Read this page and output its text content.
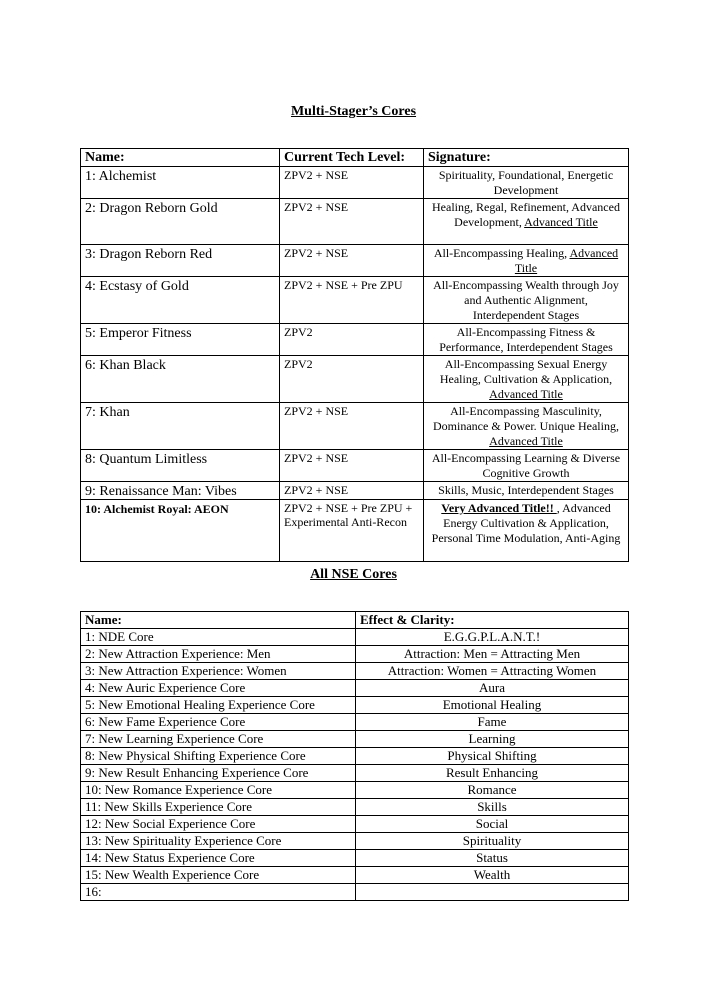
Multi-Stager’s Cores
Name:	Current Tech Level:	Signature:
1: Alchemist	ZPV2 + NSE	Spirituality, Foundational, Energetic Development
2: Dragon Reborn Gold	ZPV2 + NSE	Healing, Regal, Refinement, Advanced Development, Advanced Title
3: Dragon Reborn Red	ZPV2 + NSE	All-Encompassing Healing, Advanced Title
4: Ecstasy of Gold	ZPV2 + NSE + Pre ZPU	All-Encompassing Wealth through Joy and Authentic Alignment, Interdependent Stages
5: Emperor Fitness	ZPV2	All-Encompassing Fitness & Performance, Interdependent Stages
6: Khan Black	ZPV2	All-Encompassing Sexual Energy Healing, Cultivation & Application, Advanced Title
7: Khan	ZPV2 + NSE	All-Encompassing Masculinity, Dominance & Power. Unique Healing, Advanced Title
8: Quantum Limitless	ZPV2 + NSE	All-Encompassing Learning & Diverse Cognitive Growth
9: Renaissance Man: Vibes	ZPV2 + NSE	Skills, Music, Interdependent Stages
10: Alchemist Royal: AEON	ZPV2 + NSE + Pre ZPU + Experimental Anti-Recon	Very Advanced Title!! , Advanced Energy Cultivation & Application, Personal Time Modulation, Anti-Aging
All NSE Cores
Name:	Effect & Clarity:
1: NDE Core	E.G.G.P.L.A.N.T.!
2: New Attraction Experience: Men	Attraction: Men = Attracting Men
3: New Attraction Experience: Women	Attraction: Women = Attracting Women
4: New Auric Experience Core	Aura
5: New Emotional Healing Experience Core	Emotional Healing
6: New Fame Experience Core	Fame
7: New Learning Experience Core	Learning
8: New Physical Shifting Experience Core	Physical Shifting
9: New Result Enhancing Experience Core	Result Enhancing
10: New Romance Experience Core	Romance
11: New Skills Experience Core	Skills
12: New Social Experience Core	Social
13: New Spirituality Experience Core	Spirituality
14: New Status Experience Core	Status
15: New Wealth Experience Core	Wealth
16:	
